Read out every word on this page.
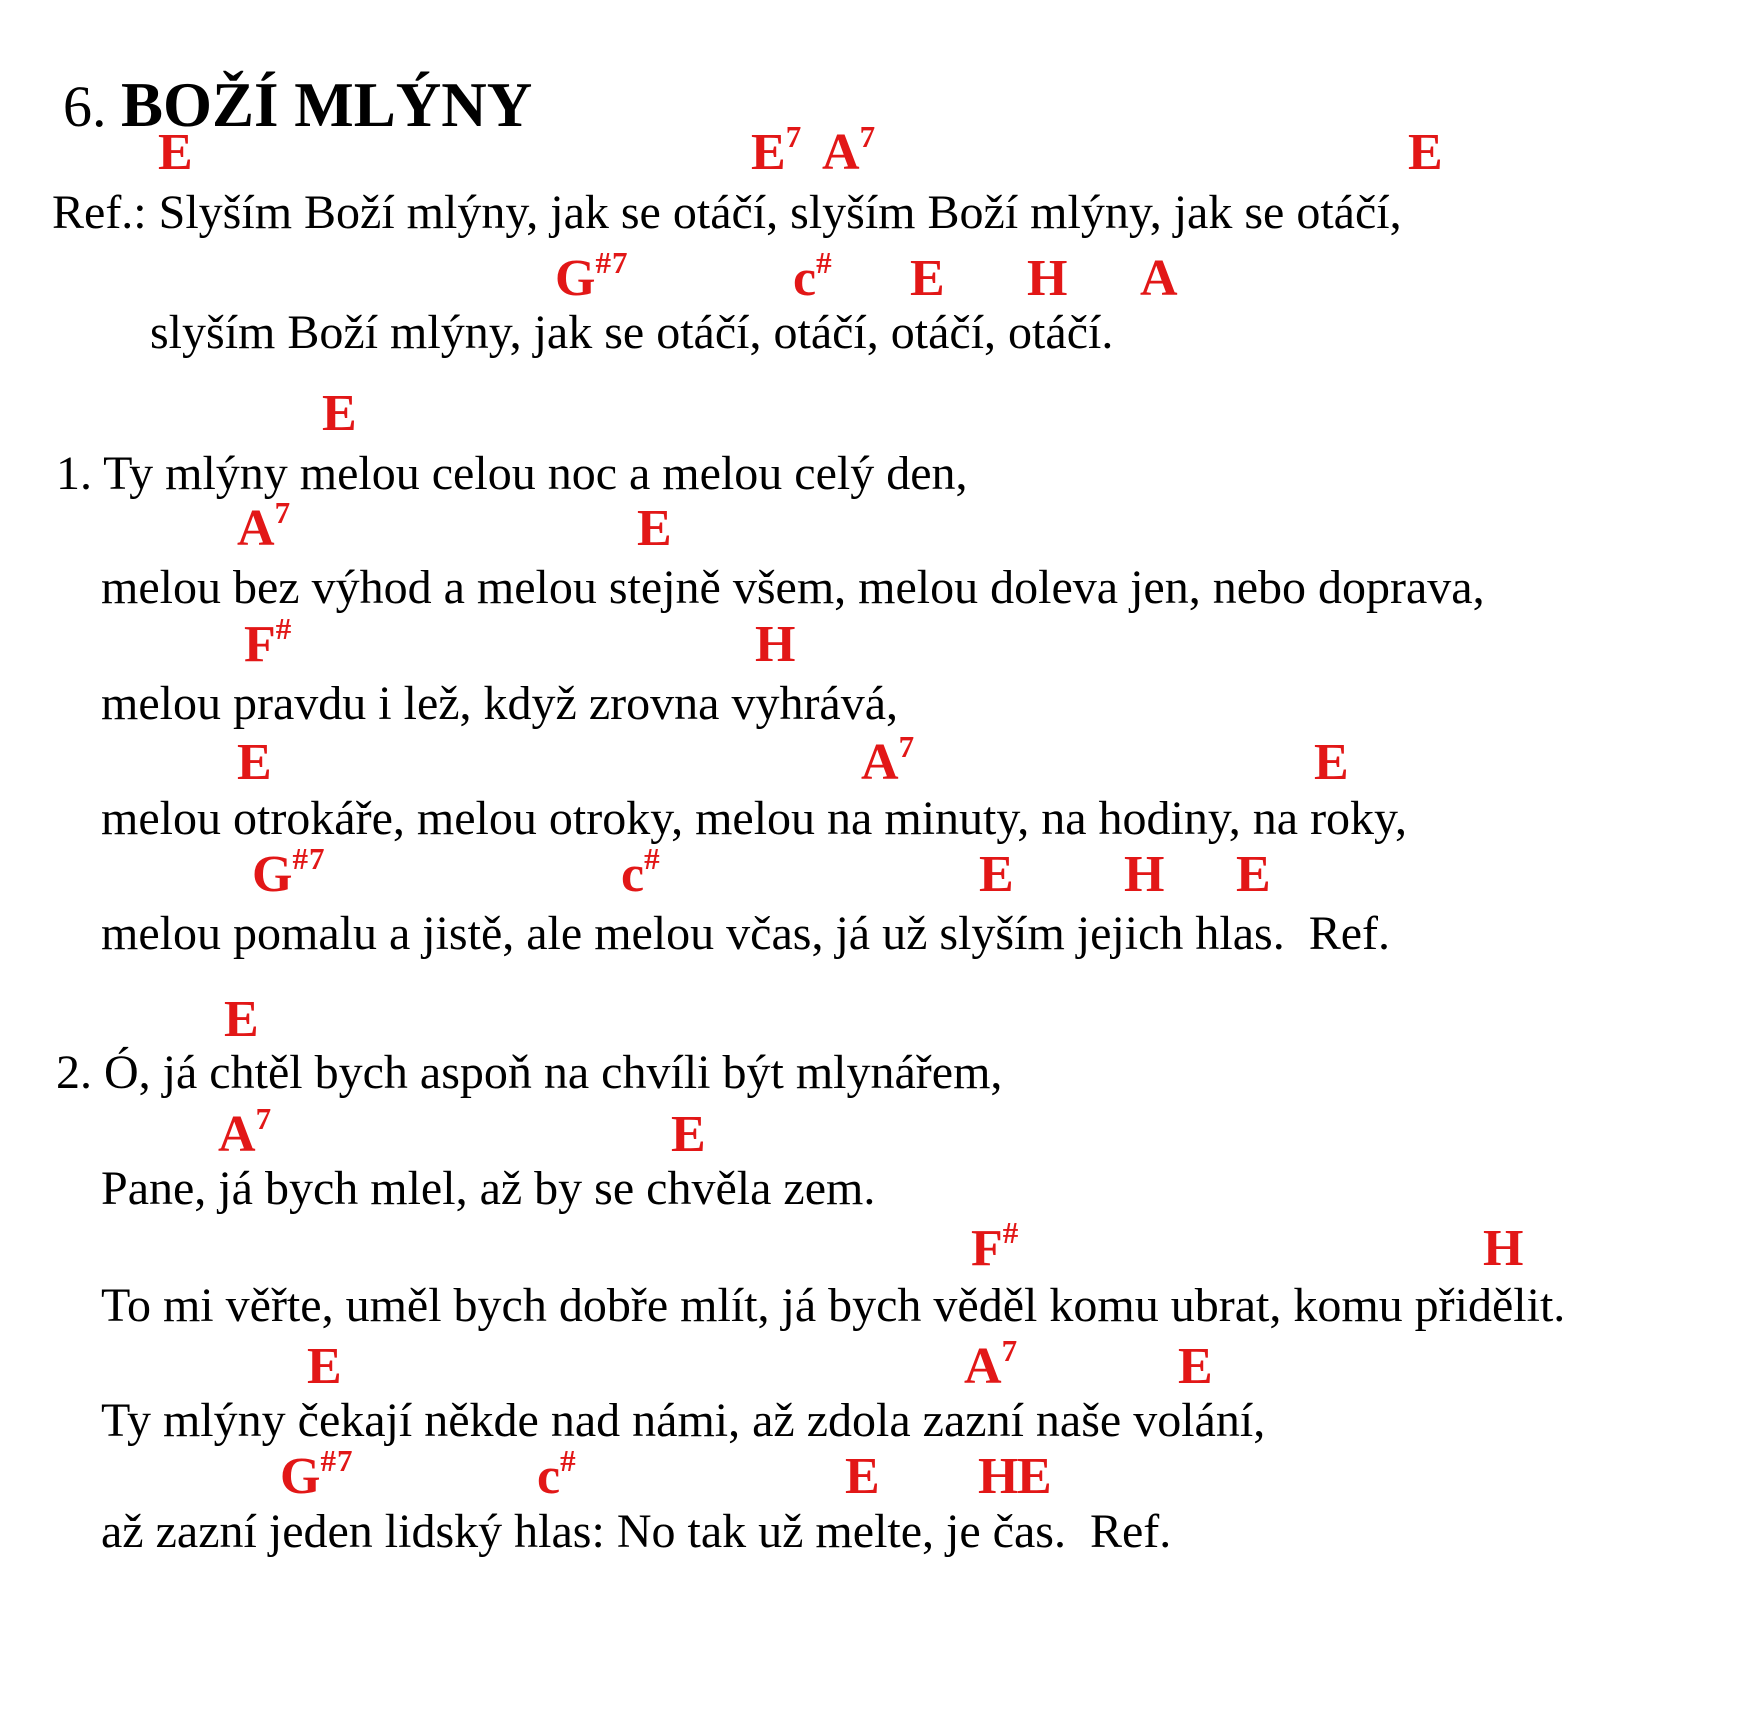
6. BOŽÍ MLÝNY

E	$E^7$ $A^7$	E
Ref.: Slyším Boží mlýny, jak se otáčí, slyším Boží mlýny, jak se otáčí,
$G^{\#7}$	c# E H A
slyším Boží mlýny, jak se otáčí, otáčí, otáčí, otáčí.
E
1. Ty mlýny melou celou noc a melou celý den,
$A^7$	E
melou bez výhod a melou stejně všem, melou doleva jen, nebo doprava,
F#	H
melou pravdu i lež, když zrovna vyhrává,
E	$A^7$	E
melou otrokáře, melou otroky, melou na minuty, na hodiny, na roky,
$G^{\#7}$	c#	E H E
melou pomalu a jistě, ale melou včas, já už slyším jejich hlas.  Ref.
E
2. Ó, já chtěl bych aspoň na chvíli být mlynářem,
$A^7$	E
Pane, já bych mlel, až by se chvěla zem.
F#	H
To mi věřte, uměl bych dobře mlít, já bych věděl komu ubrat, komu přidělit.
E	$A^7$	E
Ty mlýny čekají někde nad námi, až zdola zazní naše volání,
$G^{\#7}$	c#	E H
E
až zazní jeden lidský hlas: No tak už melte, je čas.  Ref.
